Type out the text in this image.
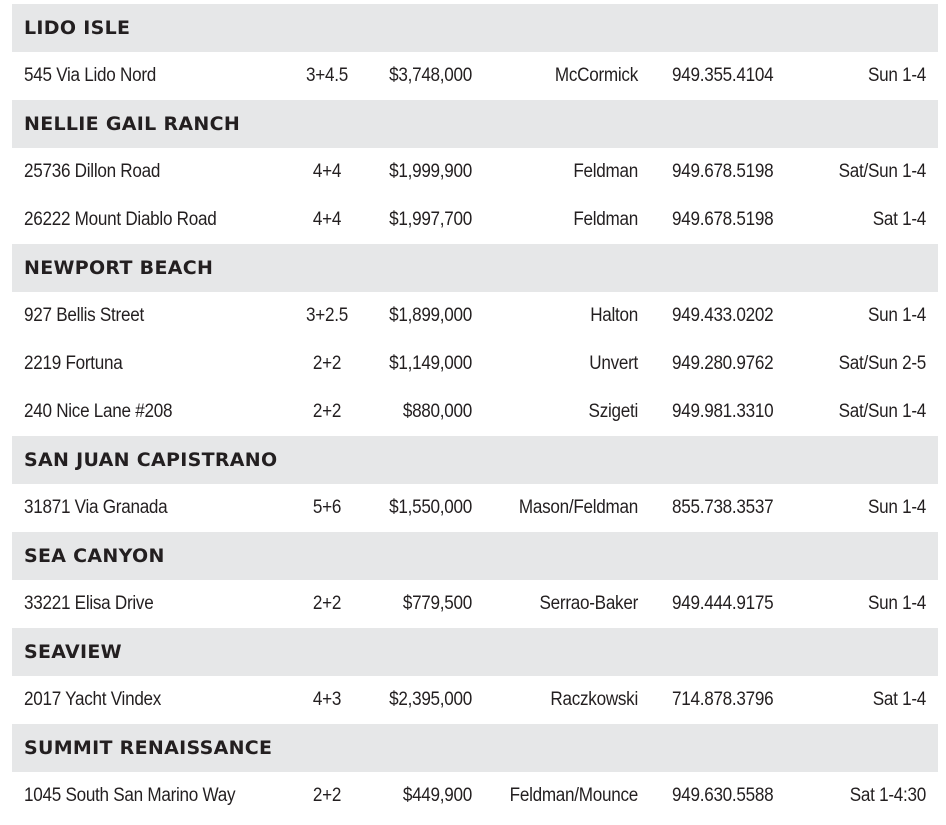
LIDO ISLE
545 Via Lido Nord	3+4.5	$3,748,000	McCormick 949.355.4104	Sun 1-4
NELLIE GAIL RANCH
25736 Dillon Road	4+4	$1,999,900	Feldman 949.678.5198	Sat/Sun 1-4
26222 Mount Diablo Road	4+4	$1,997,700	Feldman 949.678.5198	Sat 1-4
NEWPORT BEACH
927 Bellis Street	3+2.5	$1,899,000	Halton 949.433.0202	Sun 1-4
2219 Fortuna	2+2	$1,149,000	Unvert 949.280.9762	Sat/Sun 2-5
240 Nice Lane #208	2+2	$880,000	Szigeti 949.981.3310	Sat/Sun 1-4
SAN JUAN CAPISTRANO
31871 Via Granada	5+6	$1,550,000	Mason/Feldman 855.738.3537	Sun 1-4
SEA CANYON
33221 Elisa Drive	2+2	$779,500	Serrao-Baker 949.444.9175	Sun 1-4
SEAVIEW
2017 Yacht Vindex	4+3	$2,395,000	Raczkowski 714.878.3796	Sat 1-4
SUMMIT RENAISSANCE
1045 South San Marino Way	2+2	$449,900	Feldman/Mounce 949.630.5588	Sat 1-4:30
